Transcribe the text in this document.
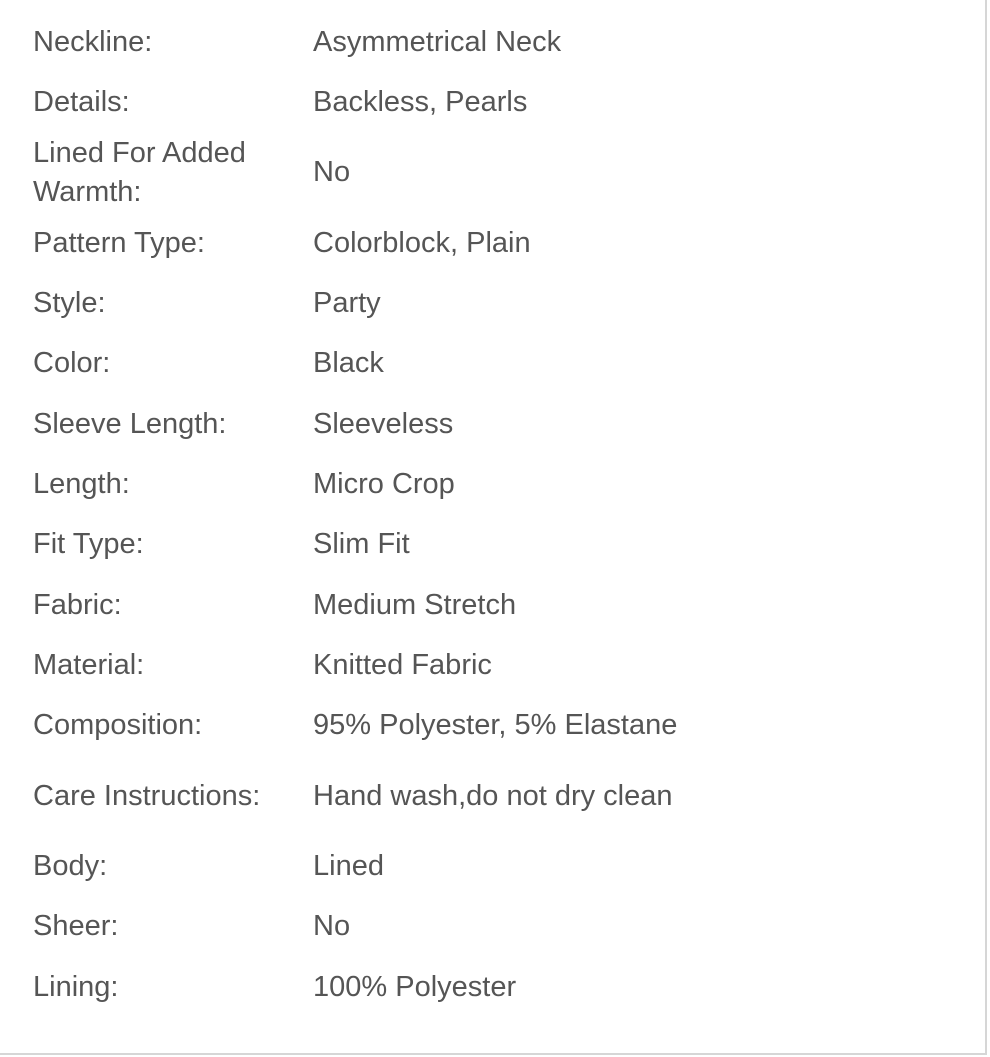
Neckline:	Asymmetrical Neck

Details:	Backless, Pearls

Lined For Added Warmth:	No

Pattern Type:	Colorblock, Plain

Style:	Party

Color:	Black

Sleeve Length:	Sleeveless

Length:	Micro Crop

Fit Type:	Slim Fit

Fabric:	Medium Stretch

Material:	Knitted Fabric

Composition:	95% Polyester, 5% Elastane

Care Instructions:	Hand wash,do not dry clean

Body:	Lined

Sheer:	No

Lining:	100% Polyester
